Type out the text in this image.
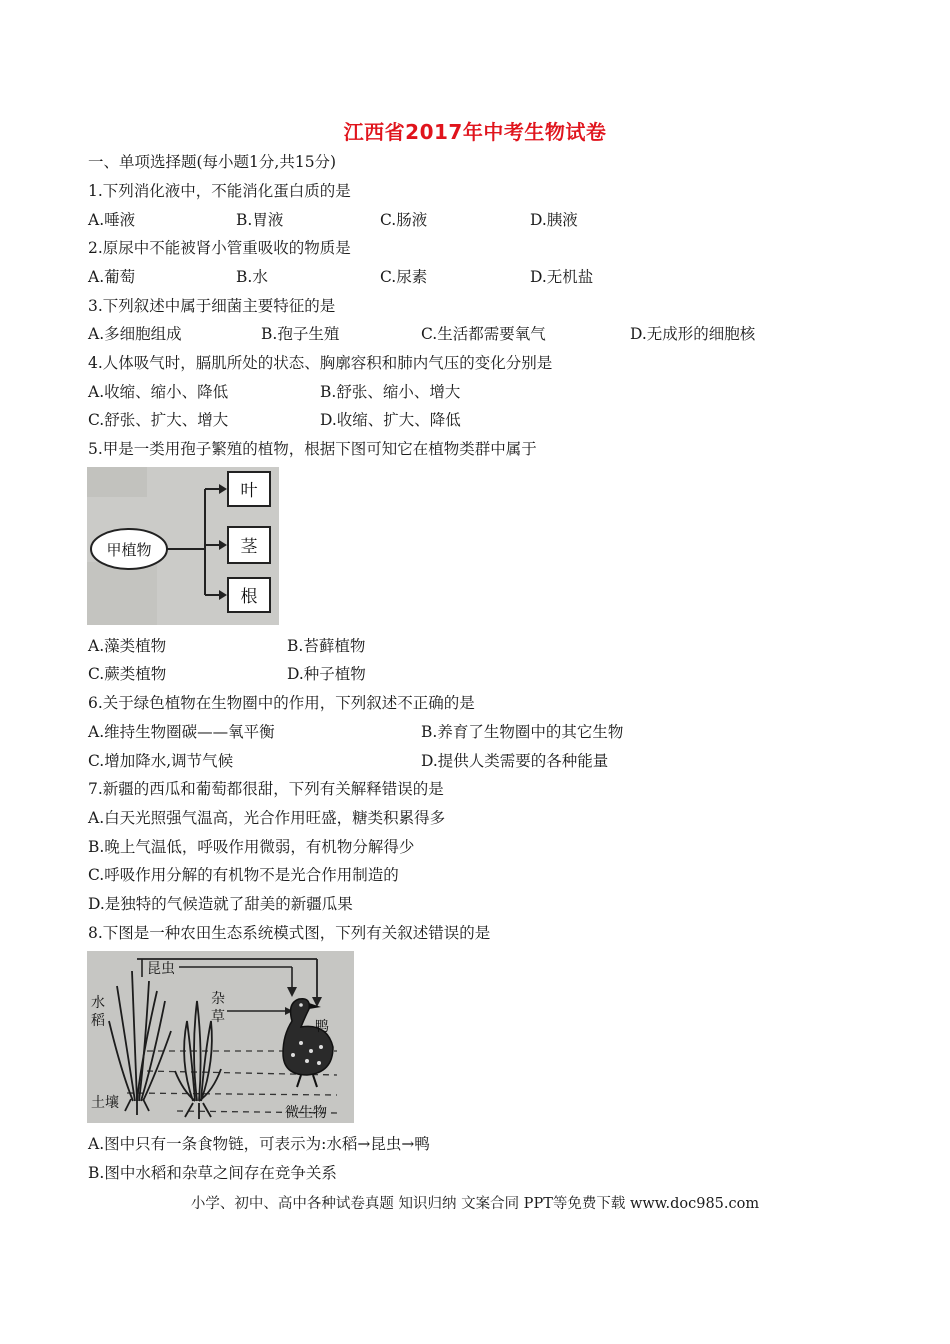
江西省2017年中考生物试卷
一、单项选择题(每小题1分,共15分)
1.下列消化液中，不能消化蛋白质的是
A.唾液	B.胃液	C.肠液	D.胰液
2.原尿中不能被肾小管重吸收的物质是
A.葡萄	B.水	C.尿素	D.无机盐
3.下列叙述中属于细菌主要特征的是
A.多细胞组成	B.孢子生殖	C.生活都需要氧气	D.无成形的细胞核
4.人体吸气时，膈肌所处的状态、胸廓容积和肺内气压的变化分别是
A.收缩、缩小、降低	B.舒张、缩小、增大
C.舒张、扩大、增大	D.收缩、扩大、降低
5.甲是一类用孢子繁殖的植物，根据下图可知它在植物类群中属于
甲植物
叶
茎
根
A.藻类植物	B.苔藓植物
C.蕨类植物	D.种子植物
6.关于绿色植物在生物圈中的作用，下列叙述不正确的是
A.维持生物圈碳——氧平衡	B.养育了生物圈中的其它生物
C.增加降水,调节气候	D.提供人类需要的各种能量
7.新疆的西瓜和葡萄都很甜，下列有关解释错误的是
A.白天光照强气温高，光合作用旺盛，糖类积累得多
B.晚上气温低，呼吸作用微弱，有机物分解得少
C.呼吸作用分解的有机物不是光合作用制造的
D.是独特的气候造就了甜美的新疆瓜果
8.下图是一种农田生态系统模式图，下列有关叙述错误的是
昆虫
水
稻
杂
草
鸭
土壤
微生物
A.图中只有一条食物链，可表示为:水稻→昆虫→鸭
B.图中水稻和杂草之间存在竞争关系
小学、初中、高中各种试卷真题 知识归纳 文案合同 PPT等免费下载 www.doc985.com
